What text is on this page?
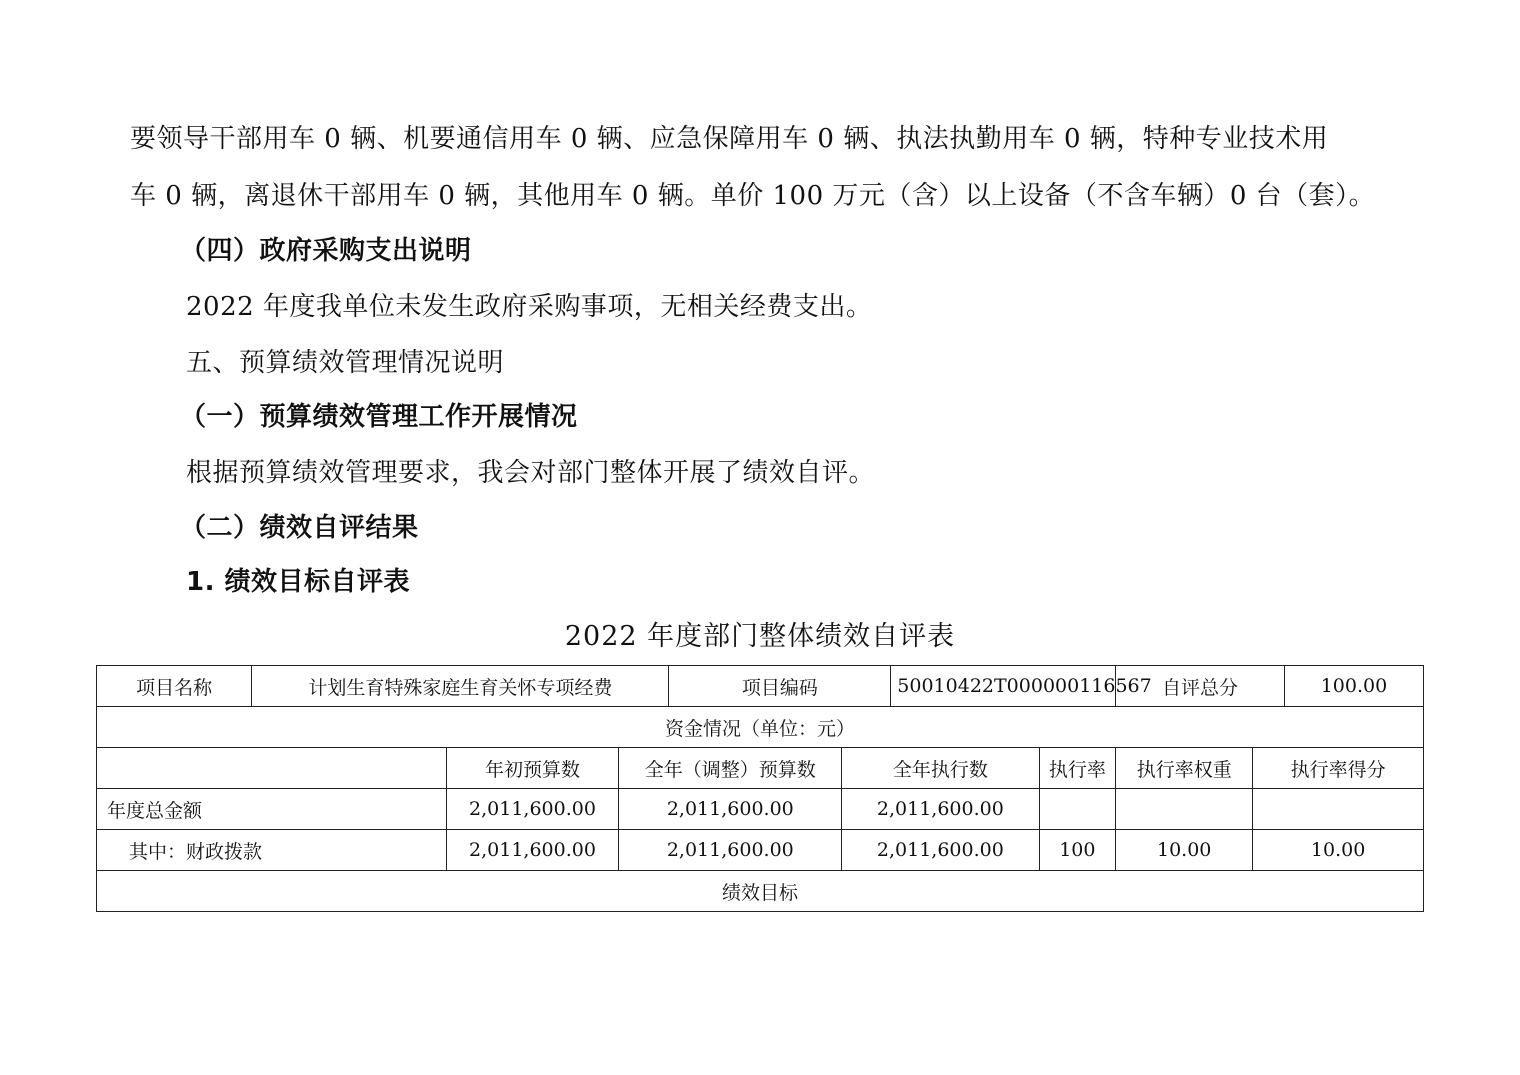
要领导干部用车 0 辆、机要通信用车 0 辆、应急保障用车 0 辆、执法执勤用车 0 辆，特种专业技术用
车 0 辆，离退休干部用车 0 辆，其他用车 0 辆。单价 100 万元（含）以上设备（不含车辆）0 台（套）。
（四）政府采购支出说明
2022 年度我单位未发生政府采购事项，无相关经费支出。
五、预算绩效管理情况说明
（一）预算绩效管理工作开展情况
根据预算绩效管理要求，我会对部门整体开展了绩效自评。
（二）绩效自评结果
1. 绩效目标自评表
2022 年度部门整体绩效自评表
项目名称	计划生育特殊家庭生育关怀专项经费			项目编码		50010422T000000116567		自评总分		100.00
资金情况（单位：元）										
		年初预算数	全年（调整）预算数		全年执行数		执行率	执行率权重	执行率得分	
年度总金额		2,011,600.00	2,011,600.00		2,011,600.00					
其中：财政拨款		2,011,600.00	2,011,600.00		2,011,600.00		100	10.00	10.00	
绩效目标										
